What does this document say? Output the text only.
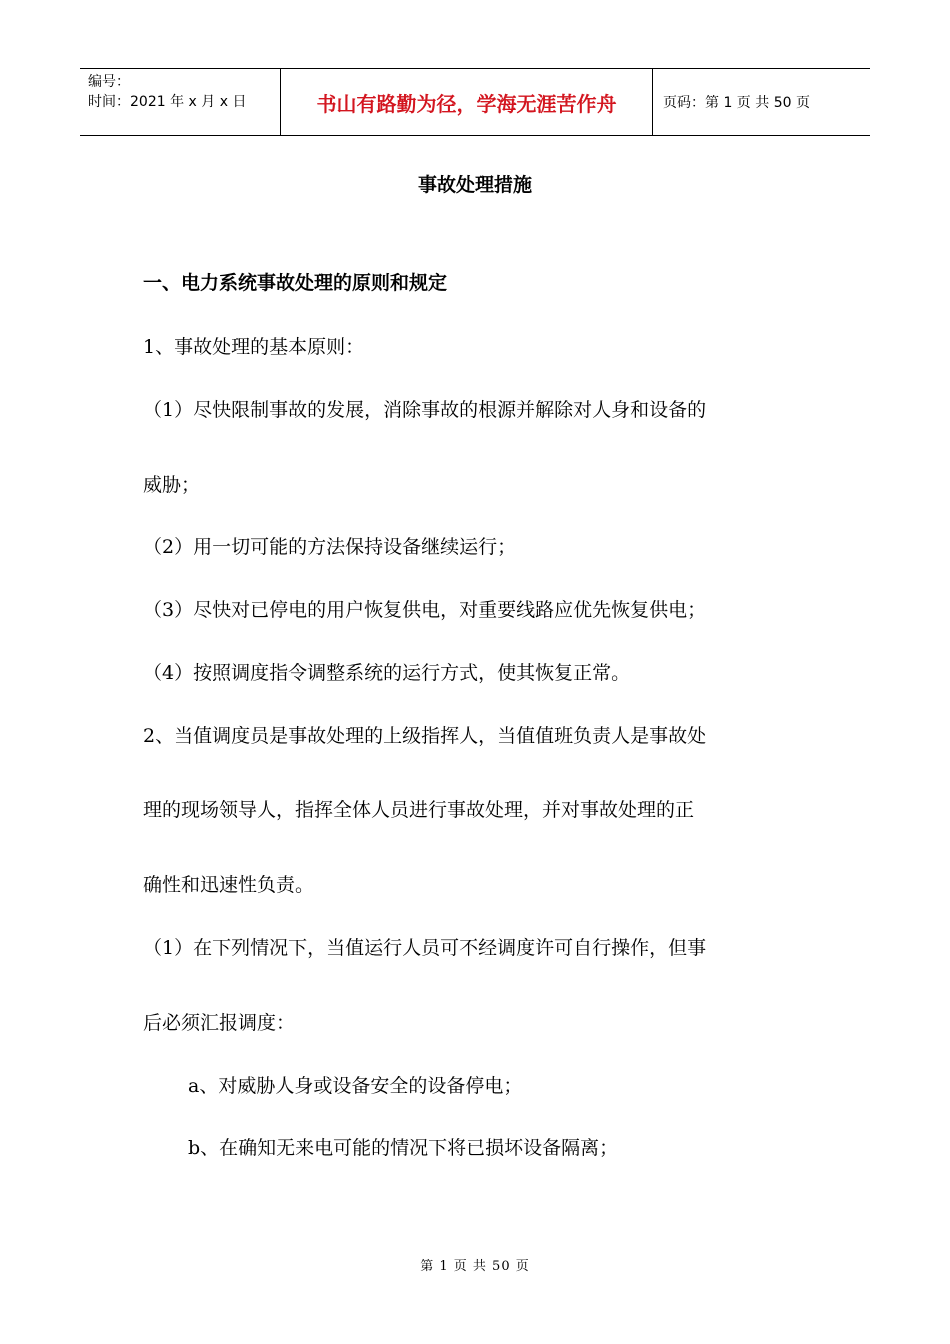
编号：
时间：2021 年 x 月 x 日	书山有路勤为径，学海无涯苦作舟	页码：第 1 页 共 50 页
事故处理措施
一、电力系统事故处理的原则和规定
1、事故处理的基本原则：
（1）尽快限制事故的发展，消除事故的根源并解除对人身和设备的
威胁；
（2）用一切可能的方法保持设备继续运行；
（3）尽快对已停电的用户恢复供电，对重要线路应优先恢复供电；
（4）按照调度指令调整系统的运行方式，使其恢复正常。
2、当值调度员是事故处理的上级指挥人，当值值班负责人是事故处
理的现场领导人，指挥全体人员进行事故处理，并对事故处理的正
确性和迅速性负责。
（1）在下列情况下，当值运行人员可不经调度许可自行操作，但事
后必须汇报调度：
a、对威胁人身或设备安全的设备停电；
b、在确知无来电可能的情况下将已损坏设备隔离；
第 1 页 共 50 页
